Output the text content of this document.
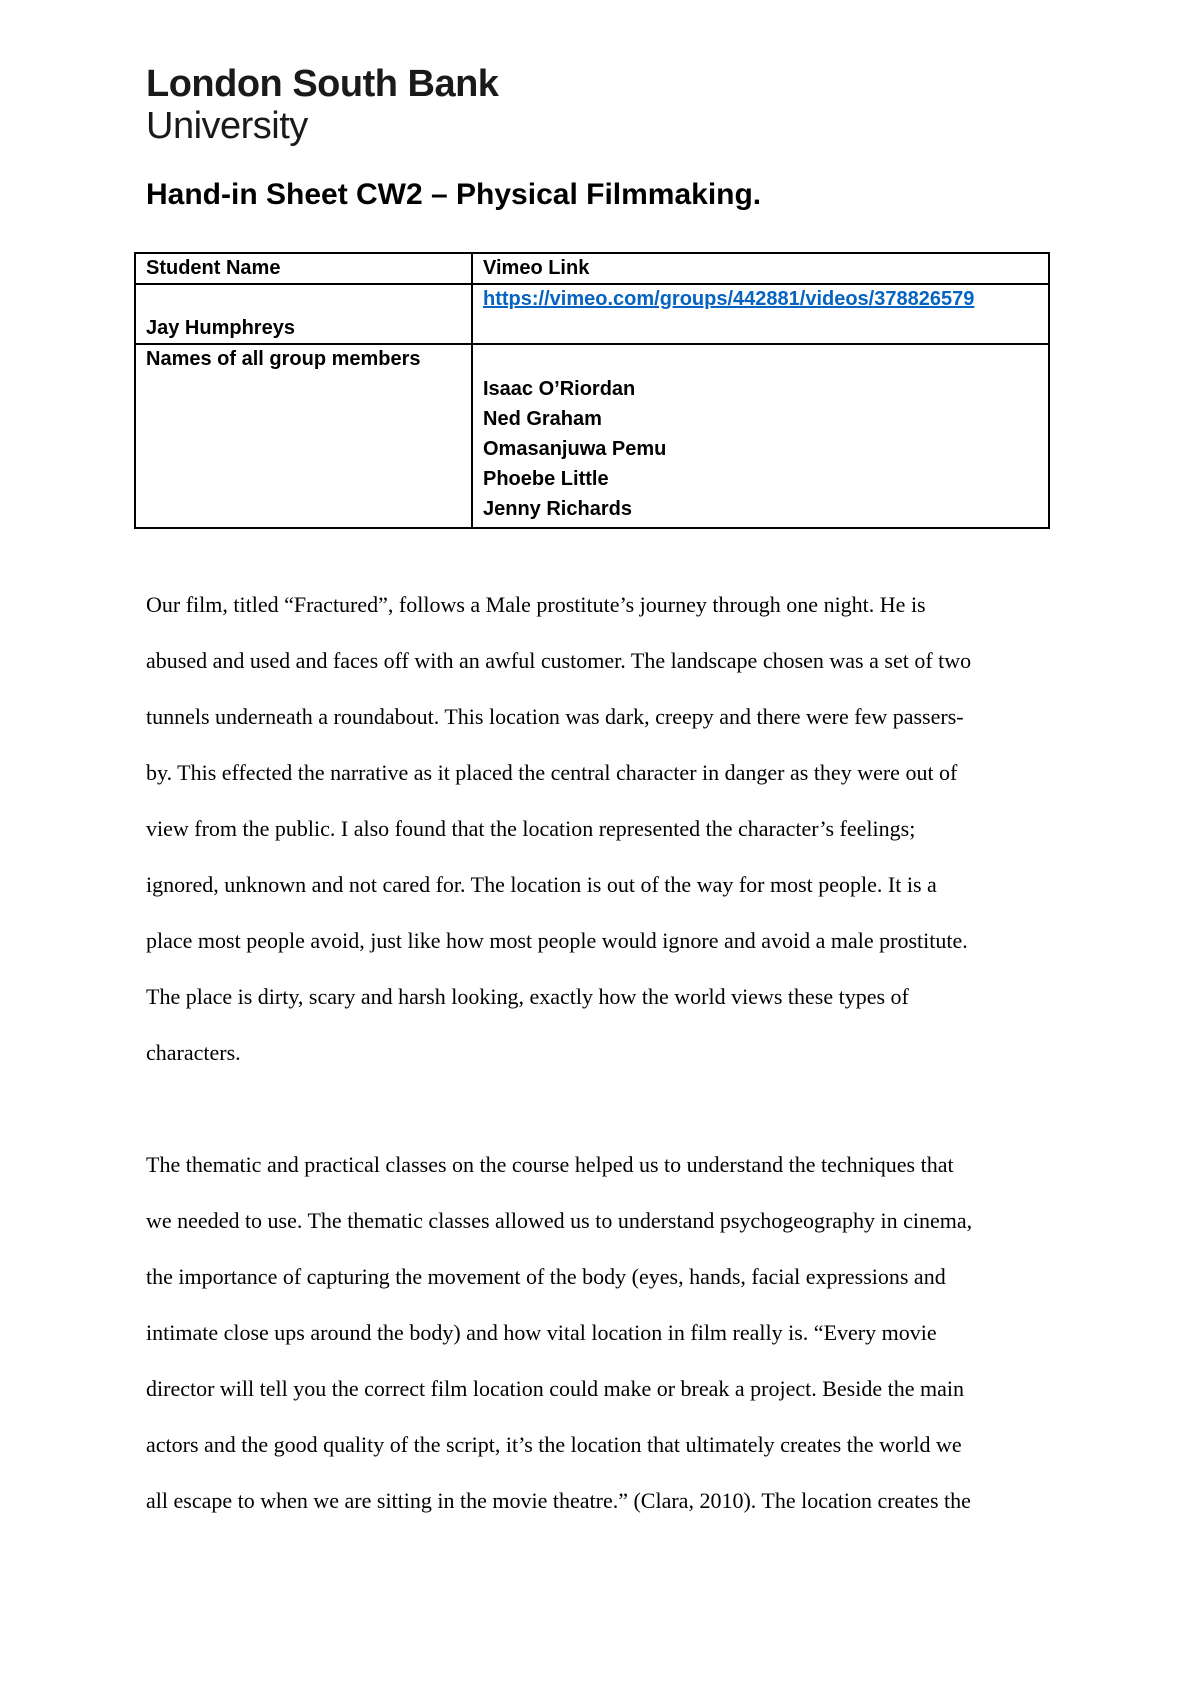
London South Bank
University
Hand-in Sheet CW2 – Physical Filmmaking.
Student Name	Vimeo Link
Jay Humphreys	https://vimeo.com/groups/442881/videos/378826579
Names of all group members	Isaac O’Riordan
Ned Graham
Omasanjuwa Pemu
Phoebe Little
Jenny Richards

Our film, titled “Fractured”, follows a Male prostitute’s journey through one night. He is
abused and used and faces off with an awful customer. The landscape chosen was a set of two
tunnels underneath a roundabout. This location was dark, creepy and there were few passers-
by. This effected the narrative as it placed the central character in danger as they were out of
view from the public. I also found that the location represented the character’s feelings;
ignored, unknown and not cared for. The location is out of the way for most people. It is a
place most people avoid, just like how most people would ignore and avoid a male prostitute.
The place is dirty, scary and harsh looking, exactly how the world views these types of
characters.

The thematic and practical classes on the course helped us to understand the techniques that
we needed to use. The thematic classes allowed us to understand psychogeography in cinema,
the importance of capturing the movement of the body (eyes, hands, facial expressions and
intimate close ups around the body) and how vital location in film really is. “Every movie
director will tell you the correct film location could make or break a project. Beside the main
actors and the good quality of the script, it’s the location that ultimately creates the world we
all escape to when we are sitting in the movie theatre.” (Clara, 2010). The location creates the
